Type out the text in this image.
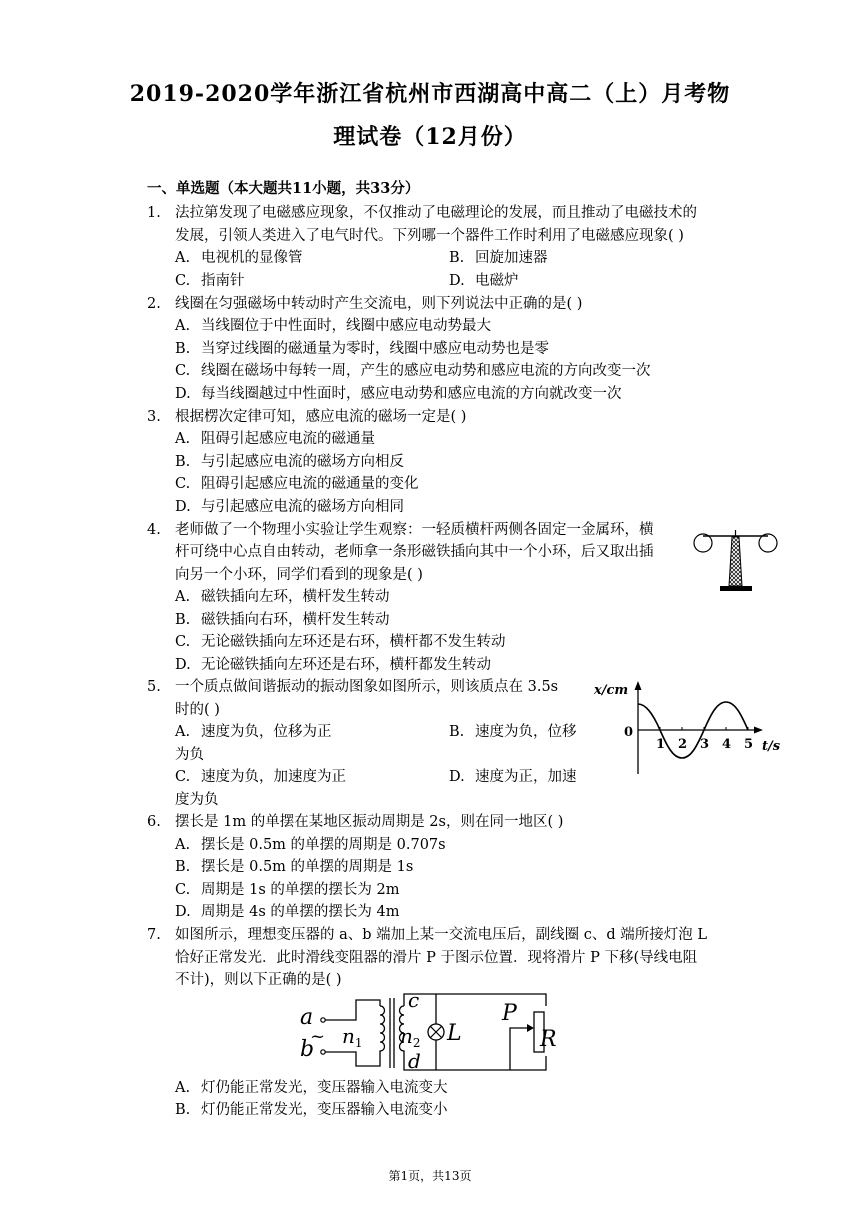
2019-2020学年浙江省杭州市西湖高中高二（上）月考物
理试卷（12月份）
一、单选题（本大题共11小题，共33分）
1. 法拉第发现了电磁感应现象，不仅推动了电磁理论的发展，而且推动了电磁技术的
发展，引领人类进入了电气时代。下列哪一个器件工作时利用了电磁感应现象( )
A. 电视机的显像管	B. 回旋加速器
C. 指南针	D. 电磁炉
2. 线圈在匀强磁场中转动时产生交流电，则下列说法中正确的是( )
A. 当线圈位于中性面时，线圈中感应电动势最大
B. 当穿过线圈的磁通量为零时，线圈中感应电动势也是零
C. 线圈在磁场中每转一周，产生的感应电动势和感应电流的方向改变一次
D. 每当线圈越过中性面时，感应电动势和感应电流的方向就改变一次
3. 根据楞次定律可知，感应电流的磁场一定是( )
A. 阻碍引起感应电流的磁通量
B. 与引起感应电流的磁场方向相反
C. 阻碍引起感应电流的磁通量的变化
D. 与引起感应电流的磁场方向相同
4. 老师做了一个物理小实验让学生观察：一轻质横杆两侧各固定一金属环，横
杆可绕中心点自由转动，老师拿一条形磁铁插向其中一个小环，后又取出插
向另一个小环，同学们看到的现象是( )
A. 磁铁插向左环，横杆发生转动
B. 磁铁插向右环，横杆发生转动
C. 无论磁铁插向左环还是右环，横杆都不发生转动
D. 无论磁铁插向左环还是右环，横杆都发生转动
5. 一个质点做间谐振动的振动图象如图所示，则该质点在 3.5s
时的( )
A. 速度为负，位移为正	B. 速度为负，位移
为负
C. 速度为负，加速度为正	D. 速度为正，加速
度为负
x/cm
0
t/s
1 2 3 4 5
6. 摆长是 1m 的单摆在某地区振动周期是 2s，则在同一地区( )
A. 摆长是 0.5m 的单摆的周期是 0.707s
B. 摆长是 0.5m 的单摆的周期是 1s
C. 周期是 1s 的单摆的摆长为 2m
D. 周期是 4s 的单摆的摆长为 4m
7. 如图所示，理想变压器的 a、b 端加上某一交流电压后，副线圈 c、d 端所接灯泡 L
恰好正常发光．此时滑线变阻器的滑片 P 于图示位置．现将滑片 P 下移(导线电阻
不计)，则以下正确的是( )
a
b
~ $n_1$
c
d
$n_2$ L
P
R
A. 灯仍能正常发光，变压器输入电流变大
B. 灯仍能正常发光，变压器输入电流变小
第1页，共13页
